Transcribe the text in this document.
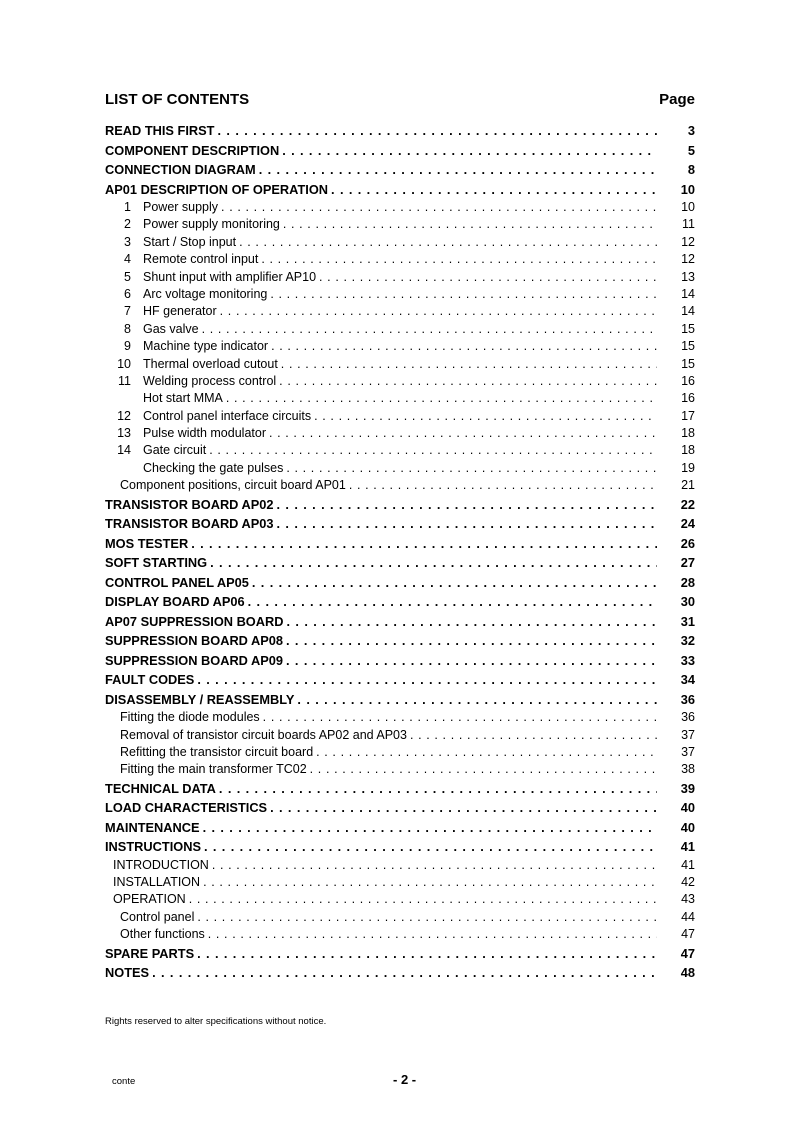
LIST OF CONTENTS	Page
READ THIS FIRST . . .	3
COMPONENT DESCRIPTION . . .	5
CONNECTION DIAGRAM . . .	8
AP01 DESCRIPTION OF OPERATION . . .	10
1 Power supply . . .	10
2 Power supply monitoring . . .	11
3 Start / Stop input . . .	12
4 Remote control input . . .	12
5 Shunt input with amplifier AP10 . . .	13
6 Arc voltage monitoring . . .	14
7 HF generator . . .	14
8 Gas valve . . .	15
9 Machine type indicator . . .	15
10 Thermal overload cutout . . .	15
11 Welding process control . . .	16
Hot start MMA . . .	16
12 Control panel interface circuits . . .	17
13 Pulse width modulator . . .	18
14 Gate circuit . . .	18
Checking the gate pulses . . .	19
Component positions, circuit board AP01 . . .	21
TRANSISTOR BOARD AP02 . . .	22
TRANSISTOR BOARD AP03 . . .	24
MOS TESTER . . .	26
SOFT STARTING . . .	27
CONTROL PANEL AP05 . . .	28
DISPLAY BOARD AP06 . . .	30
AP07 SUPPRESSION BOARD . . .	31
SUPPRESSION BOARD AP08 . . .	32
SUPPRESSION BOARD AP09 . . .	33
FAULT CODES . . .	34
DISASSEMBLY / REASSEMBLY . . .	36
Fitting the diode modules . . .	36
Removal of transistor circuit boards AP02 and AP03 . . .	37
Refitting the transistor circuit board . . .	37
Fitting the main transformer TC02 . . .	38
TECHNICAL DATA . . .	39
LOAD CHARACTERISTICS . . .	40
MAINTENANCE . . .	40
INSTRUCTIONS . . .	41
INTRODUCTION . . .	41
INSTALLATION . . .	42
OPERATION . . .	43
Control panel . . .	44
Other functions . . .	47
SPARE PARTS . . .	47
NOTES . . .	48
Rights reserved to alter specifications without notice.
conte	- 2 -
